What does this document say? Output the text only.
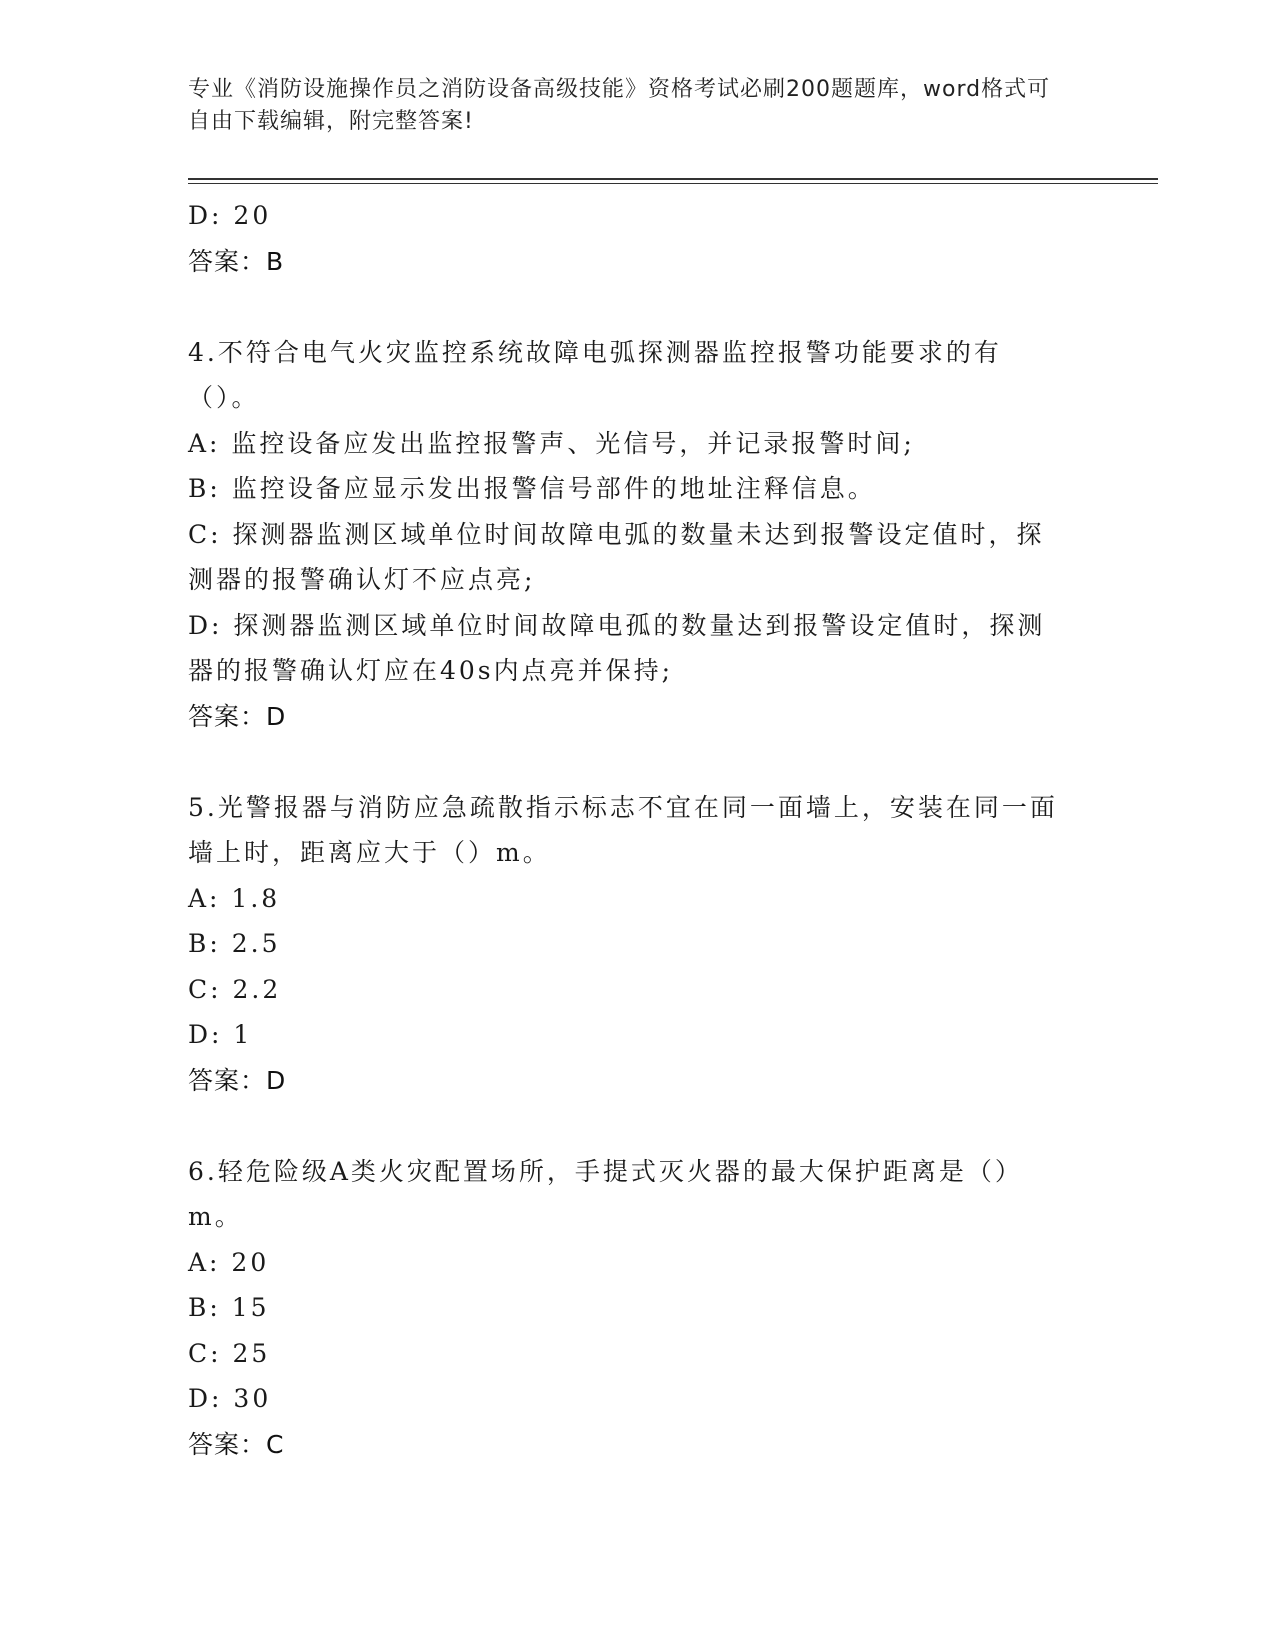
专业《消防设施操作员之消防设备高级技能》资格考试必刷200题题库，word格式可自由下载编辑，附完整答案!
D: 20
答案：B
4.不符合电气火灾监控系统故障电弧探测器监控报警功能要求的有（）。
A: 监控设备应发出监控报警声、光信号，并记录报警时间;
B: 监控设备应显示发出报警信号部件的地址注释信息。
C: 探测器监测区域单位时间故障电弧的数量未达到报警设定值时，探测器的报警确认灯不应点亮;
D: 探测器监测区域单位时间故障电孤的数量达到报警设定值时，探测器的报警确认灯应在40s内点亮并保持;
答案：D
5.光警报器与消防应急疏散指示标志不宜在同一面墙上，安装在同一面墙上时，距离应大于（）m。
A: 1.8
B: 2.5
C: 2.2
D: 1
答案：D
6.轻危险级A类火灾配置场所，手提式灭火器的最大保护距离是（）m。
A: 20
B: 15
C: 25
D: 30
答案：C
